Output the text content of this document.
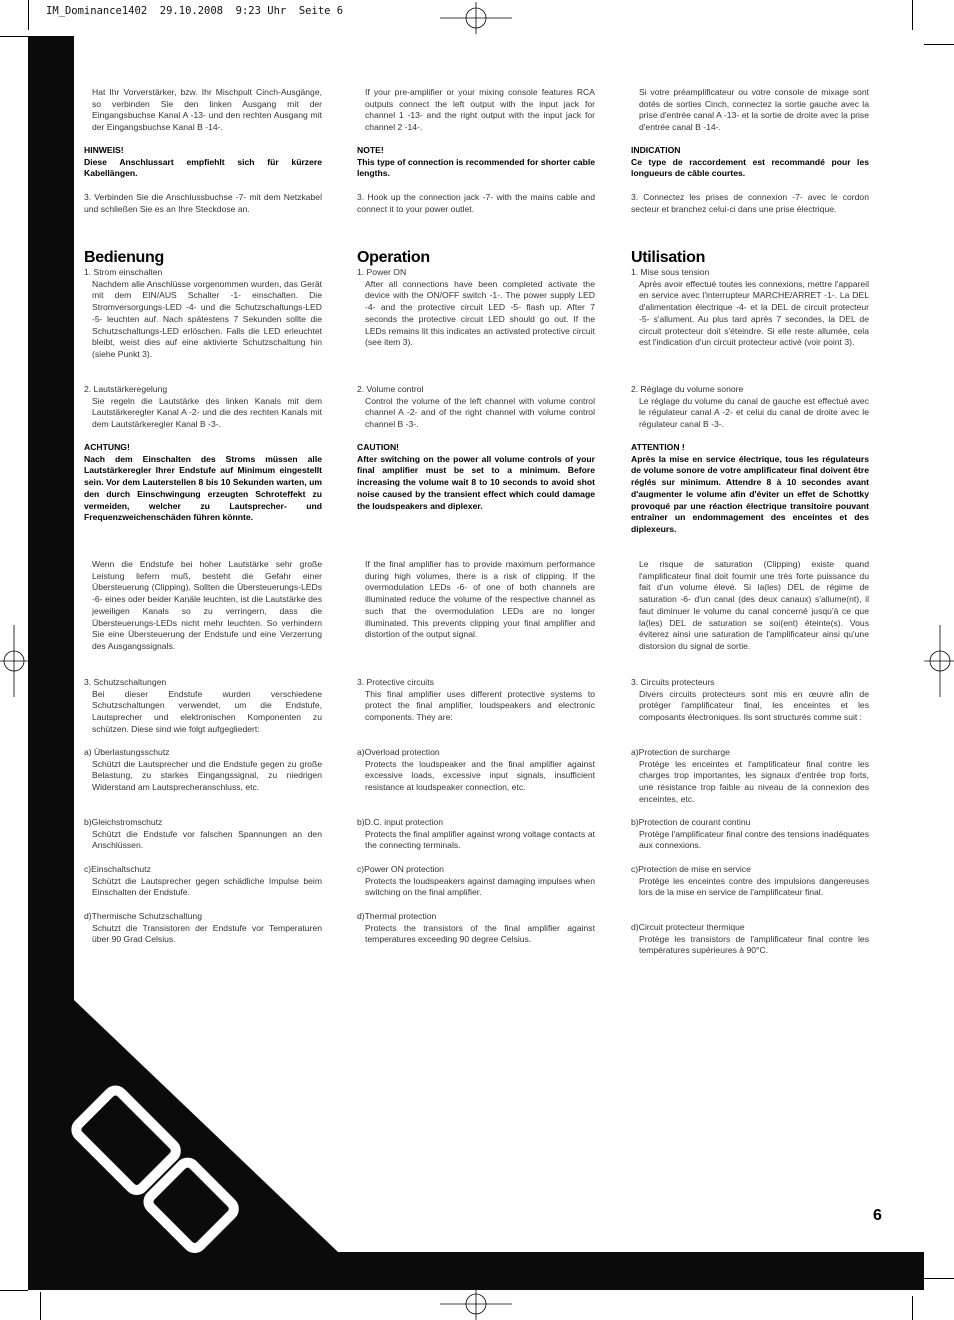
IM_Dominance1402  29.10.2008  9:23 Uhr  Seite 6

Hat Ihr Vorverstärker, bzw. Ihr Mischpult Cinch-Ausgänge, so verbinden Sie den linken Ausgang mit der Eingangsbuchse Kanal A -13- und den rechten Ausgang mit der Eingangsbuchse Kanal B -14-.

HINWEIS!

Diese Anschlussart empfiehlt sich für kürzere Kabellängen.

3. Verbinden Sie die Anschlussbuchse -7- mit dem Netzkabel und schließen Sie es an Ihre Steckdose an.

Bedienung

1. Strom einschalten

Nachdem alle Anschlüsse vorgenommen wurden, das Gerät mit dem EIN/AUS Schalter -1- einschalten. Die Stromversorgungs-LED -4- und die Schutzschaltungs-LED -5- leuchten auf. Nach spätestens 7 Sekunden sollte die Schutzschaltungs-LED erlöschen. Falls die LED erleuchtet bleibt, weist dies auf eine aktivierte Schutzschaltung hin (siehe Punkt 3).

2. Lautstärkeregelung

Sie regeln die Lautstärke des linken Kanals mit dem Lautstärkeregler Kanal A -2- und die des rechten Kanals mit dem Lautstärkeregler Kanal B -3-.

ACHTUNG!

Nach dem Einschalten des Stroms müssen alle Lautstärkeregler Ihrer Endstufe auf Minimum eingestellt sein. Vor dem Lauterstellen 8 bis 10 Sekunden warten, um den durch Einschwingung erzeugten Schroteffekt zu vermeiden, welcher zu Lautsprecher- und Frequenzweichenschäden führen könnte.

Wenn die Endstufe bei hoher Lautstärke sehr große Leistung liefern muß, besteht die Gefahr einer Übersteuerung (Clipping). Sollten die Übersteuerungs-LEDs -6- eines oder beider Kanäle leuchten, ist die Lautstärke des jeweiligen Kanals so zu verringern, dass die Übersteuerungs-LEDs nicht mehr leuchten. So verhindern Sie eine Übersteuerung der Endstufe und eine Verzerrung des Ausgangssignals.

3. Schutzschaltungen

Bei dieser Endstufe wurden verschiedene Schutzschaltungen verwendet, um die Endstufe, Lautsprecher und elektronischen Komponenten zu schützen. Diese sind wie folgt aufgegliedert:

a) Überlastungsschutz

Schützt die Lautsprecher und die Endstufe gegen zu große Belastung, zu starkes Eingangssignal, zu niedrigen Widerstand am Lautsprecheranschluss, etc.

b)Gleichstromschutz

Schützt die Endstufe vor falschen Spannungen an den Anschlüssen.

c)Einschaltschutz

Schützt die Lautsprecher gegen schädliche Impulse beim Einschalten der Endstufe.

d)Thermische Schutzschaltung

Schutzt die Transistoren der Endstufe vor Temperaturen über 90 Grad Celsius.

If your pre-amplifier or your mixing console features RCA outputs connect the left output with the input jack for channel 1 -13- and the right output with the input jack for channel 2 -14-.

NOTE!

This type of connection is recommended for shorter cable lengths.

3. Hook up the connection jack -7- with the mains cable and connect it to your power outlet.

Operation

1. Power ON

After all connections have been completed activate the device with the ON/OFF switch -1-. The power supply LED -4- and the protective circuit LED -5- flash up. After 7 seconds the protective circuit LED should go out. If the LEDs remains lit this indicates an activated protective circuit (see item 3).

2. Volume control

Control the volume of the left channel with volume control channel A -2- and of the right channel with volume control channel B -3-.

CAUTION!

After switching on the power all volume controls of your final amplifier must be set to a minimum. Before increasing the volume wait 8 to 10 seconds to avoid shot noise caused by the transient effect which could damage the loudspeakers and diplexer.

If the final amplifier has to provide maximum performance during high volumes, there is a risk of clipping. If the overmodulation LEDs -6- of one of both channels are illuminated reduce the volume of the respective channel as such that the overmodulation LEDs are no longer illuminated. This prevents clipping your final amplifier and distortion of the output signal.

3. Protective circuits

This final amplifier uses different protective systems to protect the final amplifier, loudspeakers and electronic components. They are:

a)Overload protection

Protects the loudspeaker and the final amplifier against excessive loads, excessive input signals, insufficient resistance at loudspeaker connection, etc.

b)D.C. input protection

Protects the final amplifier against wrong voltage contacts at the connecting terminals.

c)Power ON protection

Protects the loudspeakers against damaging impulses when switching on the final amplifier.

d)Thermal protection

Protects the transistors of the final amplifier against temperatures exceeding 90 degree Celsius.

Si votre préamplificateur ou votre console de mixage sont dotés de sorties Cinch, connectez la sortie gauche avec la prise d'entrée canal A -13- et la sortie de droite avec la prise d'entrée canal B -14-.

INDICATION

Ce type de raccordement est recommandé pour les longueurs de câble courtes.

3. Connectez les prises de connexion -7- avec le cordon secteur et branchez celui-ci dans une prise électrique.

Utilisation

1. Mise sous tension

Après avoir effectué toutes les connexions, mettre l'appareil en service avec l'interrupteur MARCHE/ARRET -1-. La DEL d'alimentation électrique -4- et la DEL de circuit protecteur -5- s'allument. Au plus tard après 7 secondes, la DEL de circuit protecteur doit s'éteindre. Si elle reste allumée, cela est l'indication d'un circuit protecteur activé (voir point 3).

2. Réglage du volume sonore

Le réglage du volume du canal de gauche est effectué avec le régulateur canal A -2- et celui du canal de droite avec le régulateur canal B -3-.

ATTENTION !

Après la mise en service électrique, tous les régulateurs de volume sonore de votre amplificateur final doivent être réglés sur minimum. Attendre 8 à 10 secondes avant d'augmenter le volume afin d'éviter un effet de Schottky provoqué par une réaction électrique transitoire pouvant entraîner un endommagement des enceintes et des diplexeurs.

Le risque de saturation (Clipping) existe quand l'amplificateur final doit fournir une très forte puissance du fait d'un volume élevé. Si la(les) DEL de régime de saturation -6- d'un canal (des deux canaux) s'allume(nt), il faut diminuer le volume du canal concerné jusqu'à ce que la(les) DEL de saturation se soi(ent) éteinte(s). Vous éviterez ainsi une saturation de l'amplificateur ainsi qu'une distorsion du signal de sortie.

3. Circuits protecteurs

Divers circuits protecteurs sont mis en œuvre afin de protéger l'amplificateur final, les enceintes et les composants électroniques. Ils sont structurés comme suit :

a)Protection de surcharge

Protège les enceintes et l'amplificateur final contre les charges trop importantes, les signaux d'entrée trop forts, une résistance trop faible au niveau de la connexion des enceintes, etc.

b)Protection de courant continu

Protège l'amplificateur final contre des tensions inadéquates aux connexions.

c)Protection de mise en service

Protège les enceintes contre des impulsions dangereuses lors de la mise en service de l'amplificateur final.

d)Circuit protecteur thermique

Protège les transistors de l'amplificateur final contre les températures supérieures à 90°C.

6
